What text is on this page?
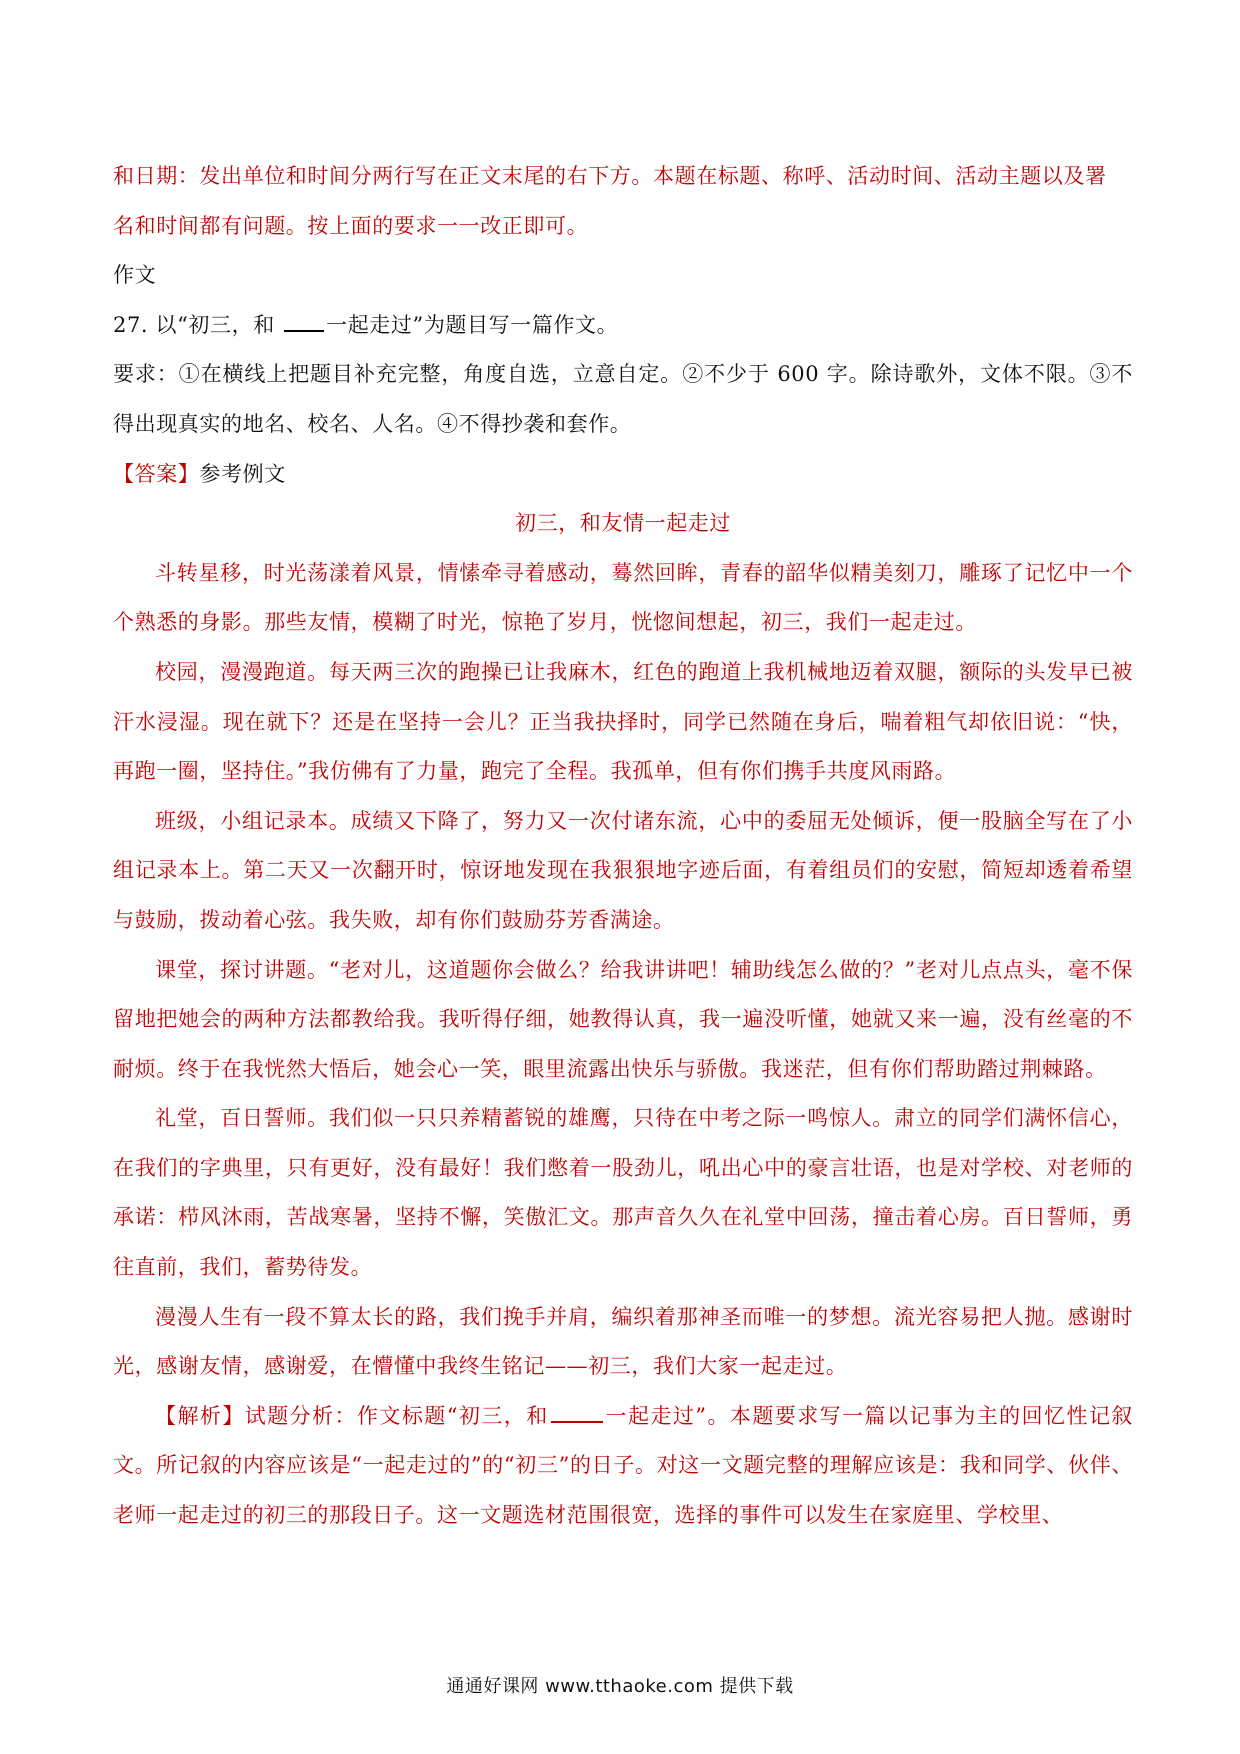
和日期：发出单位和时间分两行写在正文末尾的右下方。本题在标题、称呼、活动时间、活动主题以及署
名和时间都有问题。按上面的要求一一改正即可。
作文
27. 以“初三，和 一起走过”为题目写一篇作文。

要求：①在横线上把题目补充完整，角度自选，立意自定。②不少于 600 字。除诗歌外，文体不限。③不得出现真实的地名、校名、人名。④不得抄袭和套作。

【答案】参考例文
初三，和友情一起走过

斗转星移，时光荡漾着风景，情愫牵寻着感动，蓦然回眸，青春的韶华似精美刻刀，雕琢了记忆中一个个熟悉的身影。那些友情，模糊了时光，惊艳了岁月，恍惚间想起，初三，我们一起走过。

校园，漫漫跑道。每天两三次的跑操已让我麻木，红色的跑道上我机械地迈着双腿，额际的头发早已被汗水浸湿。现在就下？还是在坚持一会儿？正当我抉择时，同学已然随在身后，喘着粗气却依旧说：“快，再跑一圈，坚持住。”我仿佛有了力量，跑完了全程。我孤单，但有你们携手共度风雨路。

班级，小组记录本。成绩又下降了，努力又一次付诸东流，心中的委屈无处倾诉，便一股脑全写在了小组记录本上。第二天又一次翻开时，惊讶地发现在我狠狠地字迹后面，有着组员们的安慰，简短却透着希望与鼓励，拨动着心弦。我失败，却有你们鼓励芬芳香满途。

课堂，探讨讲题。“老对儿，这道题你会做么？给我讲讲吧！辅助线怎么做的？”老对儿点点头，毫不保留地把她会的两种方法都教给我。我听得仔细，她教得认真，我一遍没听懂，她就又来一遍，没有丝毫的不耐烦。终于在我恍然大悟后，她会心一笑，眼里流露出快乐与骄傲。我迷茫，但有你们帮助踏过荆棘路。

礼堂，百日誓师。我们似一只只养精蓄锐的雄鹰，只待在中考之际一鸣惊人。肃立的同学们满怀信心，在我们的字典里，只有更好，没有最好！我们憋着一股劲儿，吼出心中的豪言壮语，也是对学校、对老师的承诺：栉风沐雨，苦战寒暑，坚持不懈，笑傲汇文。那声音久久在礼堂中回荡，撞击着心房。百日誓师，勇往直前，我们，蓄势待发。

漫漫人生有一段不算太长的路，我们挽手并肩，编织着那神圣而唯一的梦想。流光容易把人抛。感谢时光，感谢友情，感谢爱，在懵懂中我终生铭记——初三，我们大家一起走过。

【解析】试题分析：作文标题“初三，和	一起走过”。本题要求写一篇以记事为主的回忆性记叙文。所记叙的内容应该是“一起走过的”的“初三”的日子。对这一文题完整的理解应该是：我和同学、伙伴、老师一起走过的初三的那段日子。这一文题选材范围很宽，选择的事件可以发生在家庭里、学校里、

通通好课网 www.tthaoke.com 提供下载
